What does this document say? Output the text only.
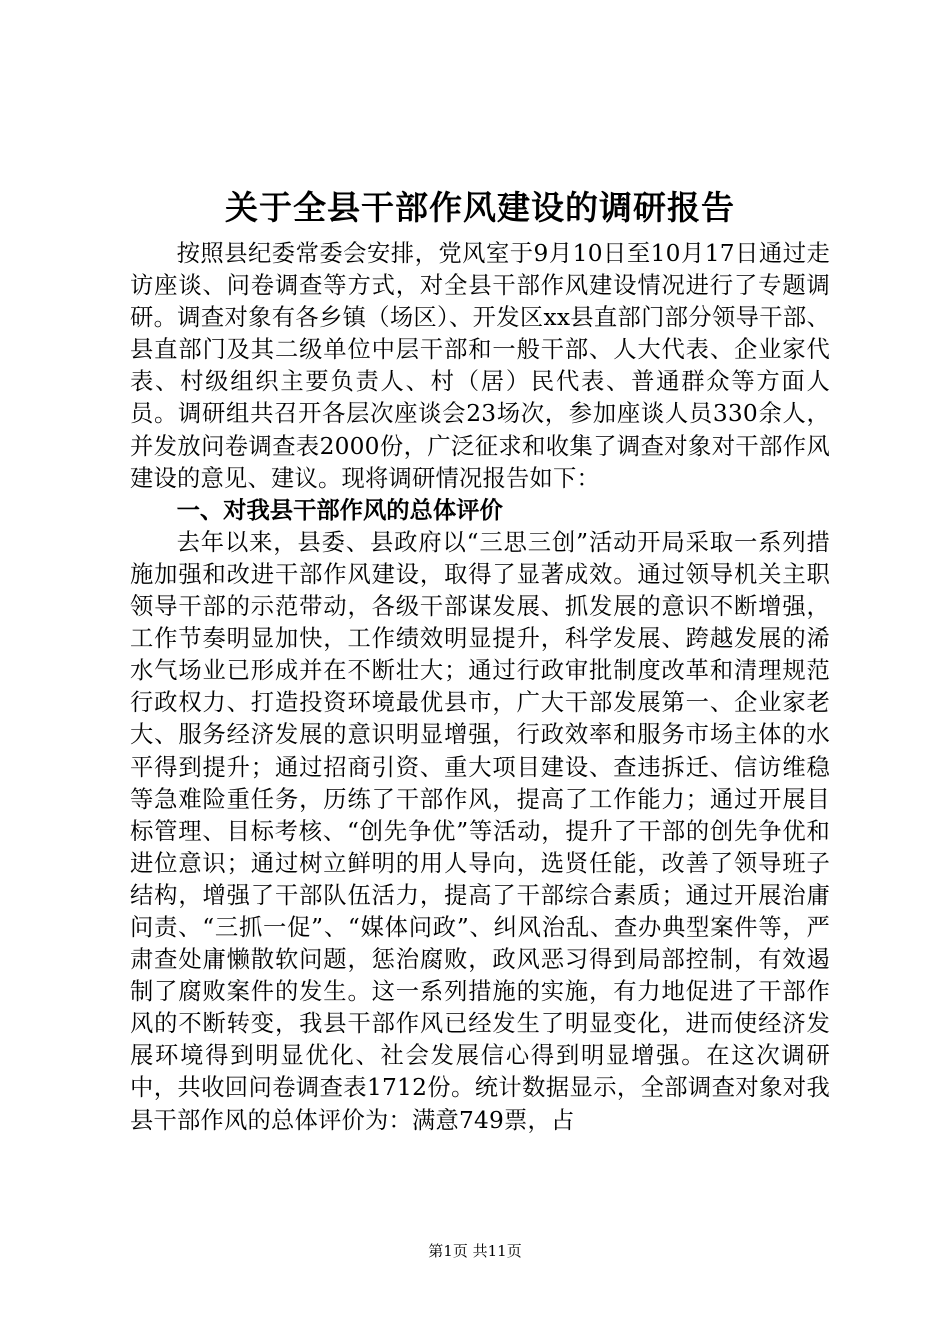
关于全县干部作风建设的调研报告

按照县纪委常委会安排，党风室于9月10日至10月17日通过走访座谈、问卷调查等方式，对全县干部作风建设情况进行了专题调研。调查对象有各乡镇（场区）、开发区xx县直部门部分领导干部、县直部门及其二级单位中层干部和一般干部、人大代表、企业家代表、村级组织主要负责人、村（居）民代表、普通群众等方面人员。调研组共召开各层次座谈会23场次，参加座谈人员330余人，并发放问卷调查表2000份，广泛征求和收集了调查对象对干部作风建设的意见、建议。现将调研情况报告如下：

一、对我县干部作风的总体评价

去年以来，县委、县政府以“三思三创”活动开局采取一系列措施加强和改进干部作风建设，取得了显著成效。通过领导机关主职领导干部的示范带动，各级干部谋发展、抓发展的意识不断增强，工作节奏明显加快，工作绩效明显提升，科学发展、跨越发展的浠水气场业已形成并在不断壮大；通过行政审批制度改革和清理规范行政权力、打造投资环境最优县市，广大干部发展第一、企业家老大、服务经济发展的意识明显增强，行政效率和服务市场主体的水平得到提升；通过招商引资、重大项目建设、查违拆迁、信访维稳等急难险重任务，历练了干部作风，提高了工作能力；通过开展目标管理、目标考核、“创先争优”等活动，提升了干部的创先争优和进位意识；通过树立鲜明的用人导向，选贤任能，改善了领导班子结构，增强了干部队伍活力，提高了干部综合素质；通过开展治庸问责、“三抓一促”、“媒体问政”、纠风治乱、查办典型案件等，严肃查处庸懒散软问题，惩治腐败，政风恶习得到局部控制，有效遏制了腐败案件的发生。这一系列措施的实施，有力地促进了干部作风的不断转变，我县干部作风已经发生了明显变化，进而使经济发展环境得到明显优化、社会发展信心得到明显增强。在这次调研中，共收回问卷调查表1712份。统计数据显示，全部调查对象对我县干部作风的总体评价为：满意749票，占

第1页 共11页
